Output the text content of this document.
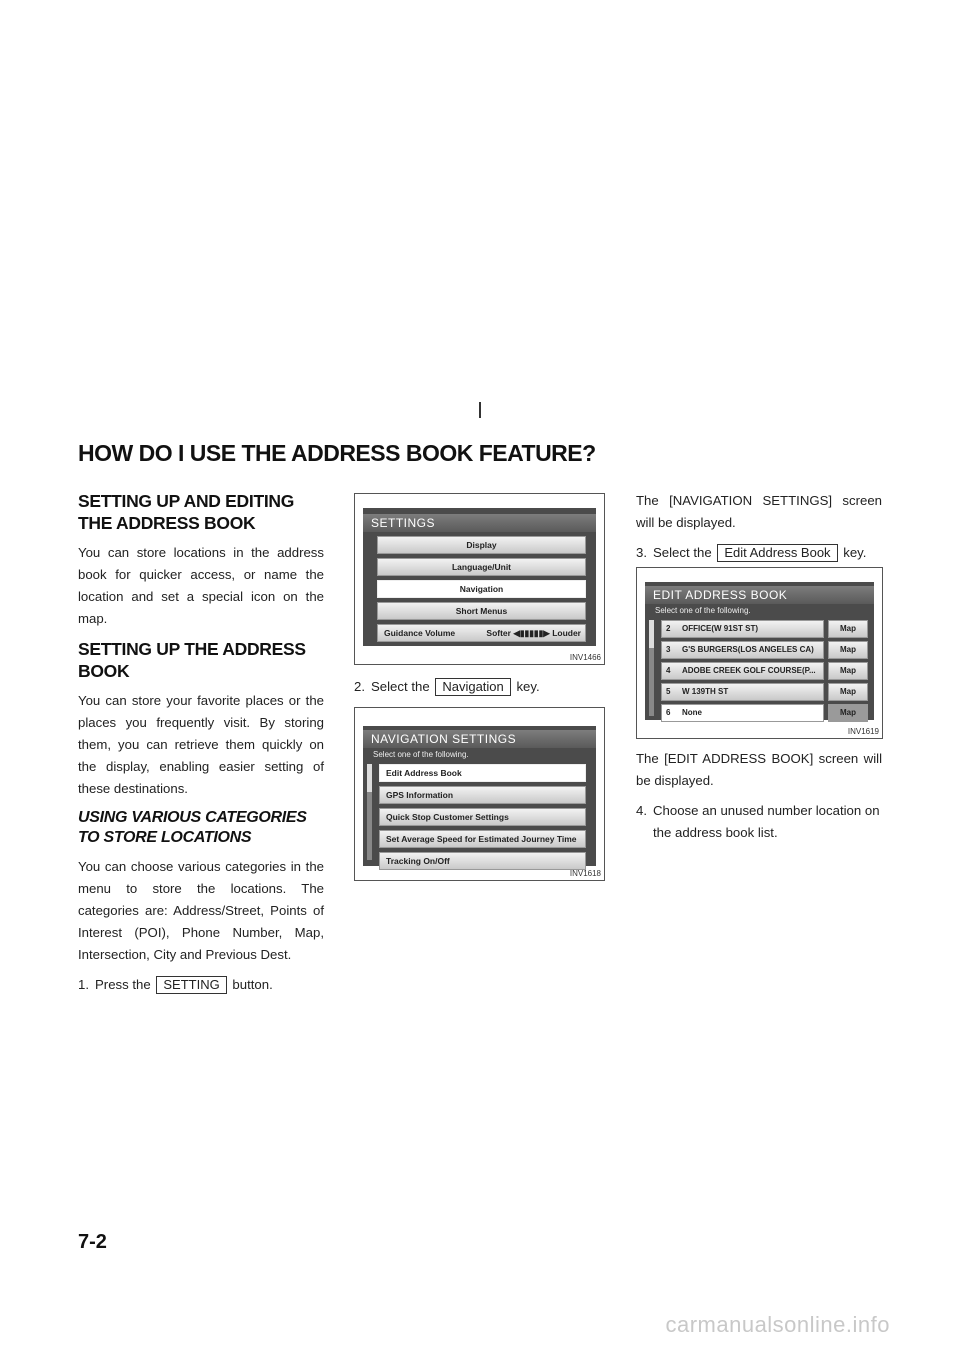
HOW DO I USE THE ADDRESS BOOK FEATURE?
SETTING UP AND EDITING THE ADDRESS BOOK

You can store locations in the address book for quicker access, or name the location and set a special icon on the map.

SETTING UP THE ADDRESS BOOK

You can store your favorite places or the places you frequently visit. By storing them, you can retrieve them quickly on the display, enabling easier setting of these destinations.

USING VARIOUS CATEGORIES TO STORE LOCATIONS

You can choose various categories in the menu to store the locations. The categories are: Address/Street, Points of Interest (POI), Phone Number, Map, Intersection, City and Previous Dest.

1. Press the SETTING button.
SETTINGS
Display
Language/Unit
Navigation
Short Menus
Guidance Volume	Softer ◀▮▮▮▮▮▶ Louder
INV1466
2. Select the Navigation key.
NAVIGATION SETTINGS
Select one of the following.
Edit Address Book
GPS Information
Quick Stop Customer Settings
Set Average Speed for Estimated Journey Time
Tracking On/Off
INV1618

The [NAVIGATION SETTINGS] screen will be displayed.

3. Select the Edit Address Book key.
EDIT ADDRESS BOOK
Select one of the following.
2 OFFICE(W 91ST ST)	Map
3 G'S BURGERS(LOS ANGELES CA)	Map
4 ADOBE CREEK GOLF COURSE(P...	Map
5 W 139TH ST	Map
6 None	Map
INV1619

The [EDIT ADDRESS BOOK] screen will be displayed.

4. Choose an unused number location on the address book list.
7-2
carmanualsonline.info
